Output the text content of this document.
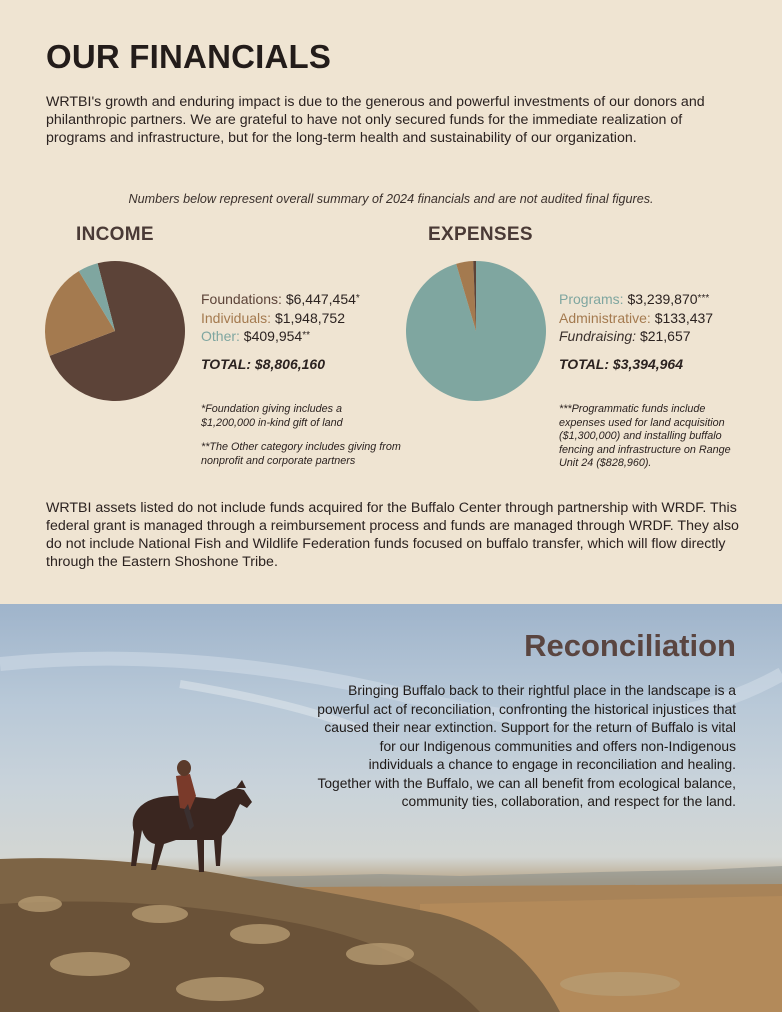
OUR FINANCIALS
WRTBI's growth and enduring impact is due to the generous and powerful investments of our donors and philanthropic partners. We are grateful to have not only secured funds for the immediate realization of programs and infrastructure, but for the long-term health and sustainability of our organization.
Numbers below represent overall summary of 2024 financials and are not audited final figures.
INCOME
Foundations: $6,447,454*
Individuals: $1,948,752
Other: $409,954**
TOTAL: $8,806,160
*Foundation giving includes a $1,200,000 in-kind gift of land
**The Other category includes giving from nonprofit and corporate partners
EXPENSES
Programs: $3,239,870***
Administrative: $133,437
Fundraising: $21,657
TOTAL: $3,394,964
***Programmatic funds include expenses used for land acquisition ($1,300,000) and installing buffalo fencing and infrastructure on Range Unit 24 ($828,960).
WRTBI assets listed do not include funds acquired for the Buffalo Center through partnership with WRDF. This federal grant is managed through a reimbursement process and funds are managed through WRDF. They also do not include National Fish and Wildlife Federation funds focused on buffalo transfer, which will flow directly through the Eastern Shoshone Tribe.
Reconciliation
Bringing Buffalo back to their rightful place in the landscape is a powerful act of reconciliation, confronting the historical injustices that caused their near extinction. Support for the return of Buffalo is vital for our Indigenous communities and offers non-Indigenous individuals a chance to engage in reconciliation and healing. Together with the Buffalo, we can all benefit from ecological balance, community ties, collaboration, and respect for the land.
